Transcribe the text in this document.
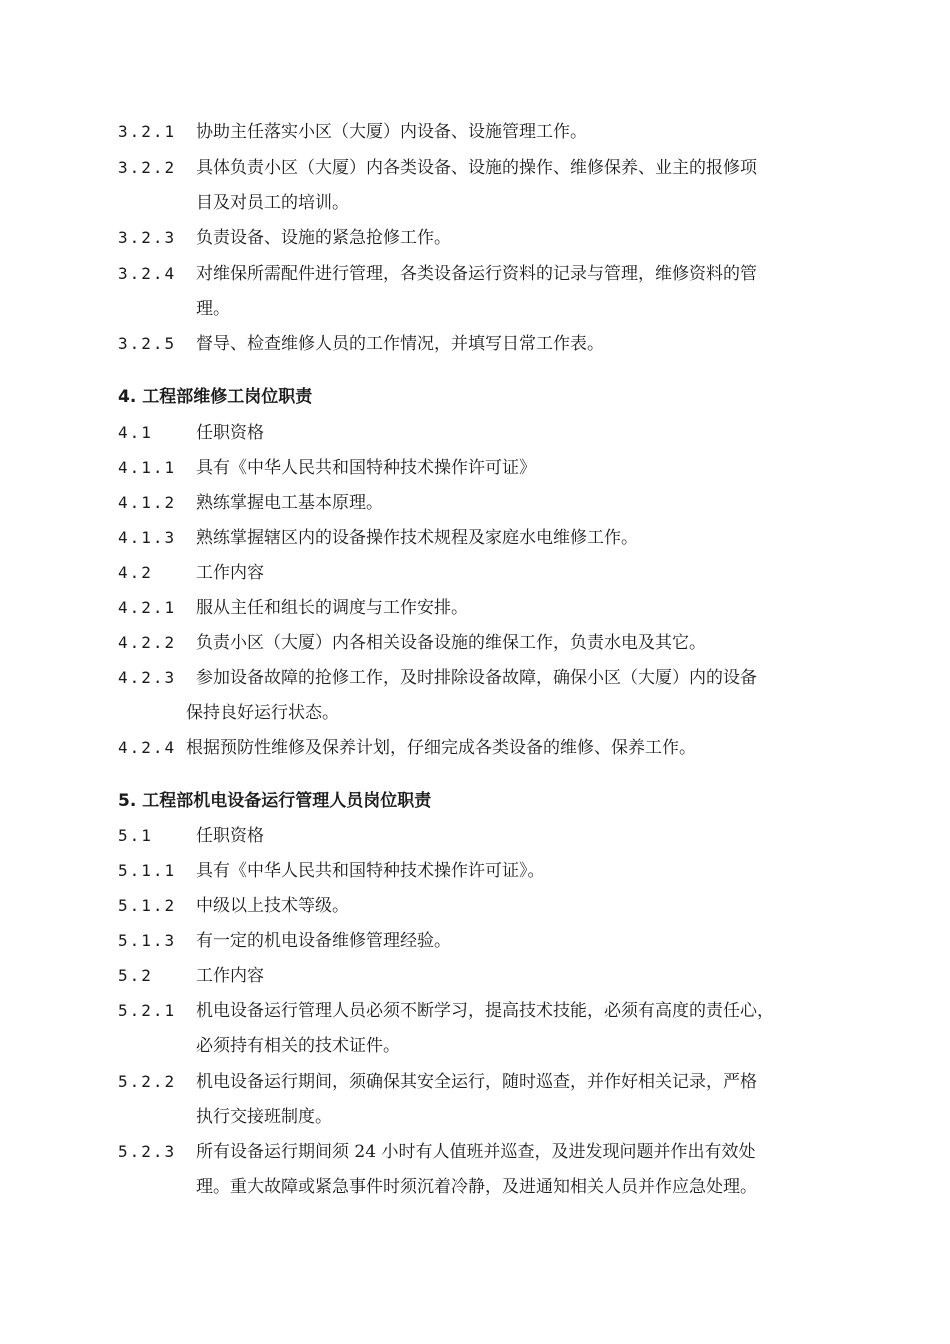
3.2.1 协助主任落实小区（大厦）内设备、设施管理工作。
3.2.2 具体负责小区（大厦）内各类设备、设施的操作、维修保养、业主的报修项
目及对员工的培训。
3.2.3 负责设备、设施的紧急抢修工作。
3.2.4 对维保所需配件进行管理，各类设备运行资料的记录与管理，维修资料的管
理。
3.2.5 督导、检查维修人员的工作情况，并填写日常工作表。
4. 工程部维修工岗位职责
4.1	任职资格
4.1.1 具有《中华人民共和国特种技术操作许可证》
4.1.2 熟练掌握电工基本原理。
4.1.3 熟练掌握辖区内的设备操作技术规程及家庭水电维修工作。
4.2	工作内容
4.2.1 服从主任和组长的调度与工作安排。
4.2.2 负责小区（大厦）内各相关设备设施的维保工作，负责水电及其它。
4.2.3 参加设备故障的抢修工作，及时排除设备故障，确保小区（大厦）内的设备
保持良好运行状态。
4.2.4 根据预防性维修及保养计划，仔细完成各类设备的维修、保养工作。
5. 工程部机电设备运行管理人员岗位职责
5.1	任职资格
5.1.1 具有《中华人民共和国特种技术操作许可证》。
5.1.2 中级以上技术等级。
5.1.3 有一定的机电设备维修管理经验。
5.2	工作内容
5.2.1 机电设备运行管理人员必须不断学习，提高技术技能，必须有高度的责任心，
必须持有相关的技术证件。
5.2.2 机电设备运行期间，须确保其安全运行，随时巡查，并作好相关记录，严格
执行交接班制度。
5.2.3 所有设备运行期间须 24 小时有人值班并巡查，及进发现问题并作出有效处
理。重大故障或紧急事件时须沉着冷静，及进通知相关人员并作应急处理。
